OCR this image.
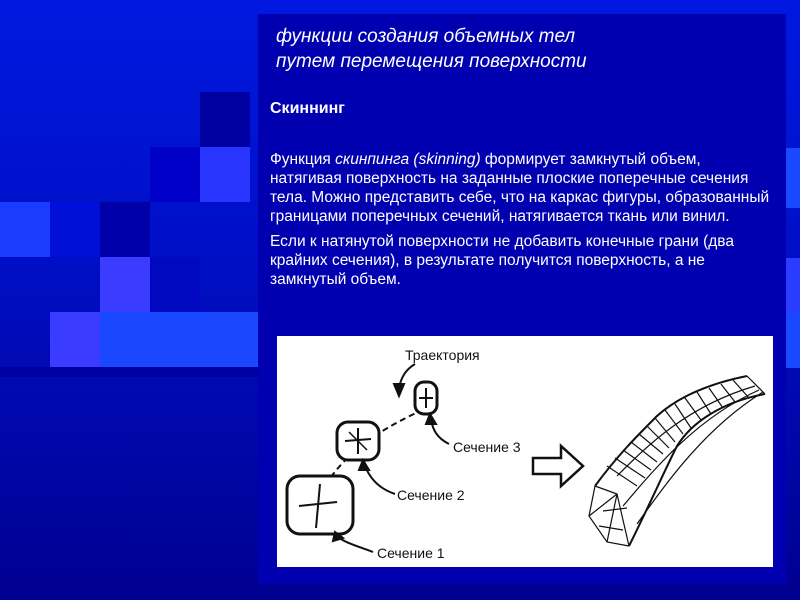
функции создания объемных тел
путем перемещения поверхности
Скиннинг

Функция скинпинга (skinning) формирует замкнутый объем, натягивая поверхность на заданные плоские поперечные сечения тела. Можно представить себе, что на каркас фигуры, образованный границами поперечных сечений, натягивается ткань или винил.

Если к натянутой поверхности не добавить конечные грани (два крайних сечения), в результате получится поверхность, а не замкнутый объем.

Траектория
Сечение 3
Сечение 2
Сечение 1
